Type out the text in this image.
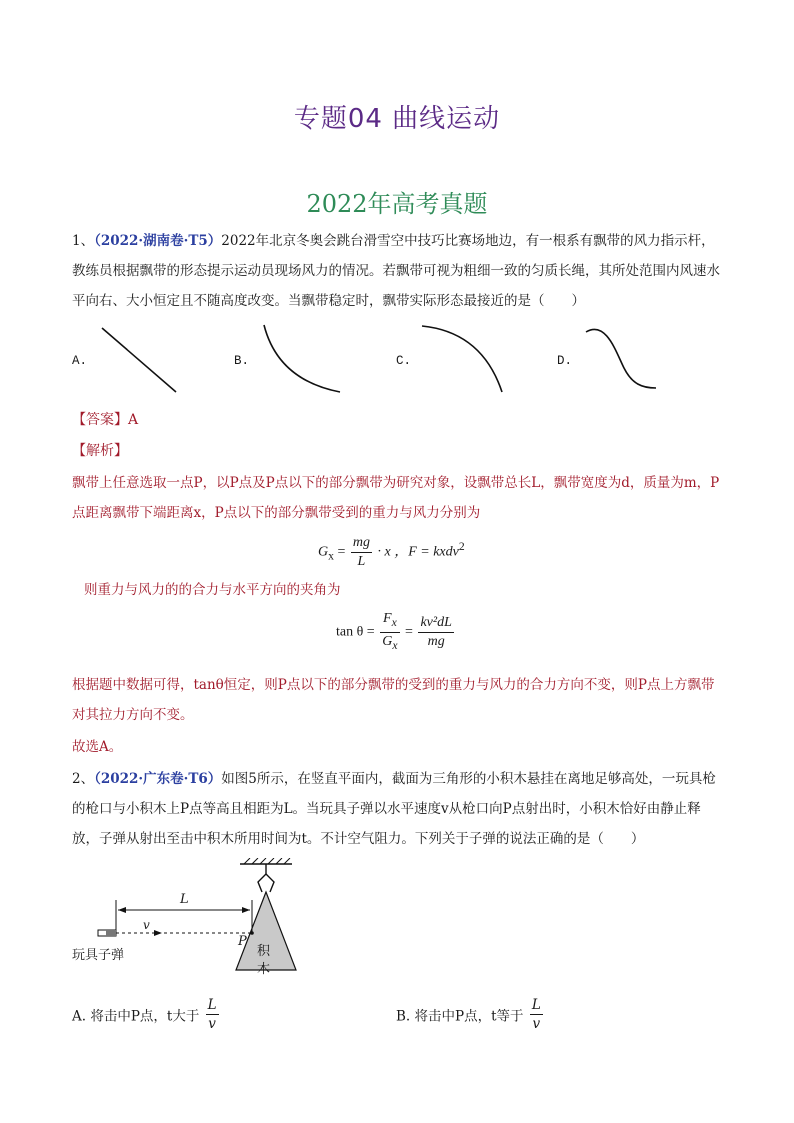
专题04 曲线运动
2022年高考真题
1、（2022·湖南卷·T5）2022年北京冬奥会跳台滑雪空中技巧比赛场地边，有一根系有飘带的风力指示杆，教练员根据飘带的形态提示运动员现场风力的情况。若飘带可视为粗细一致的匀质长绳，其所处范围内风速水平向右、大小恒定且不随高度改变。当飘带稳定时，飘带实际形态最接近的是（　　）
A.	B.	C.	D.
【答案】A
【解析】
飘带上任意选取一点P，以P点及P点以下的部分飘带为研究对象，设飘带总长L，飘带宽度为d，质量为m，P点距离飘带下端距离x，P点以下的部分飘带受到的重力与风力分别为
$G_x = \frac{mg}{L} \cdot x$ ，F = kxdv$^2$
则重力与风力的的合力与水平方向的夹角为
$\tan \theta = \frac{F_x}{G_x} = \frac{\text{kv²dL}}{mg}$
根据题中数据可得，tanθ恒定，则P点以下的部分飘带的受到的重力与风力的合力方向不变，则P点上方飘带对其拉力方向不变。
故选A。
2、（2022·广东卷·T6）如图5所示，在竖直平面内，截面为三角形的小积木悬挂在离地足够高处，一玩具枪的枪口与小积木上P点等高且相距为L。当玩具子弹以水平速度v从枪口向P点射出时，小积木恰好由静止释放，子弹从射出至击中积木所用时间为t。不计空气阻力。下列关于子弹的说法正确的是（　　）
L
v
P
积
木
玩具子弹
A. 将击中P点，t大于 $\frac{L}{v}$	B. 将击中P点，t等于 $\frac{L}{v}$
